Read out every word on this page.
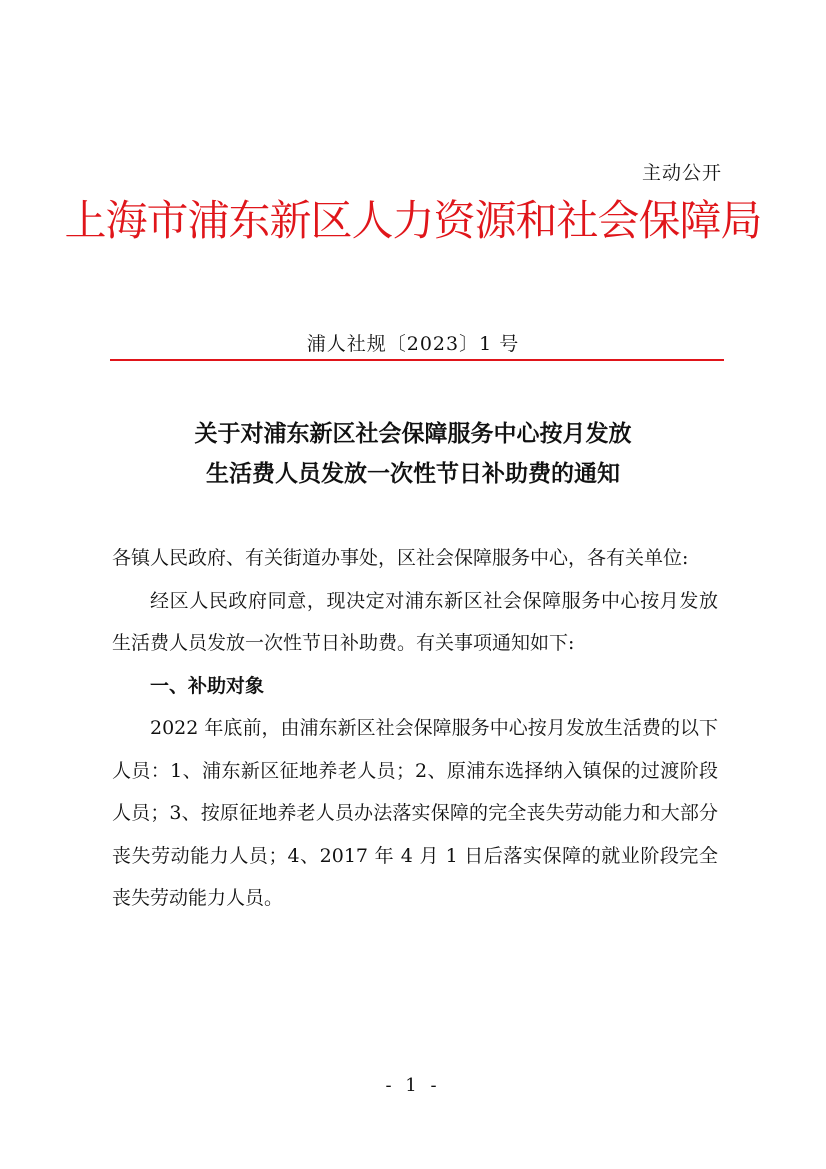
主动公开
上海市浦东新区人力资源和社会保障局
浦人社规〔2023〕1 号
关于对浦东新区社会保障服务中心按月发放
生活费人员发放一次性节日补助费的通知

各镇人民政府、有关街道办事处，区社会保障服务中心，各有关单位:

经区人民政府同意，现决定对浦东新区社会保障服务中心按月发放生活费人员发放一次性节日补助费。有关事项通知如下:

一、补助对象

2022 年底前，由浦东新区社会保障服务中心按月发放生活费的以下人员：1、浦东新区征地养老人员；2、原浦东选择纳入镇保的过渡阶段人员；3、按原征地养老人员办法落实保障的完全丧失劳动能力和大部分丧失劳动能力人员；4、2017 年 4 月 1 日后落实保障的就业阶段完全丧失劳动能力人员。

- 1 -
